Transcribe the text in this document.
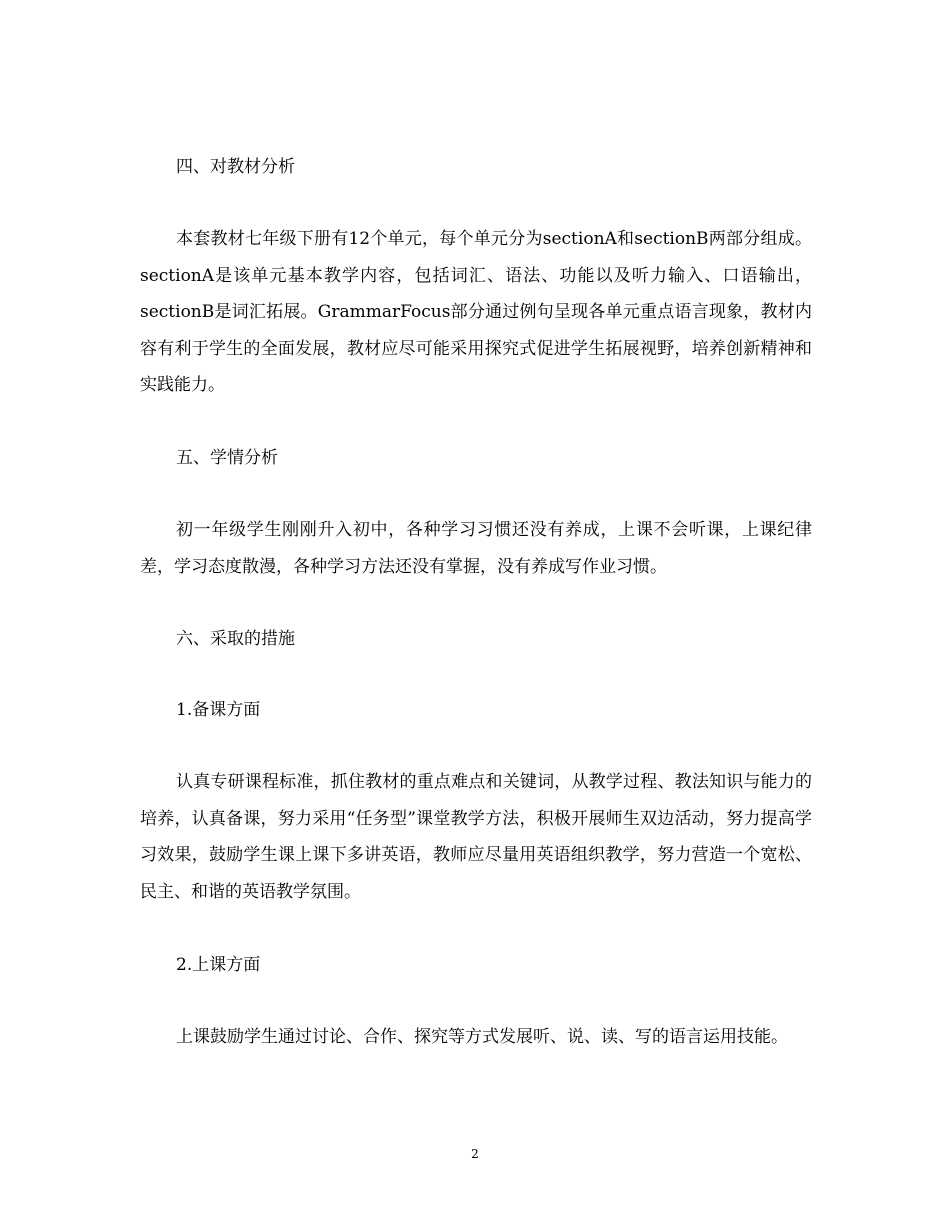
四、对教材分析
本套教材七年级下册有12个单元，每个单元分为sectionA和sectionB两部分组成。sectionA是该单元基本教学内容，包括词汇、语法、功能以及听力输入、口语输出，sectionB是词汇拓展。GrammarFocus部分通过例句呈现各单元重点语言现象，教材内容有利于学生的全面发展，教材应尽可能采用探究式促进学生拓展视野，培养创新精神和实践能力。
五、学情分析
初一年级学生刚刚升入初中，各种学习习惯还没有养成，上课不会听课，上课纪律差，学习态度散漫，各种学习方法还没有掌握，没有养成写作业习惯。
六、采取的措施
1.备课方面
认真专研课程标准，抓住教材的重点难点和关键词，从教学过程、教法知识与能力的培养，认真备课，努力采用“任务型”课堂教学方法，积极开展师生双边活动，努力提高学习效果，鼓励学生课上课下多讲英语，教师应尽量用英语组织教学，努力营造一个宽松、民主、和谐的英语教学氛围。
2.上课方面
上课鼓励学生通过讨论、合作、探究等方式发展听、说、读、写的语言运用技能。
2
